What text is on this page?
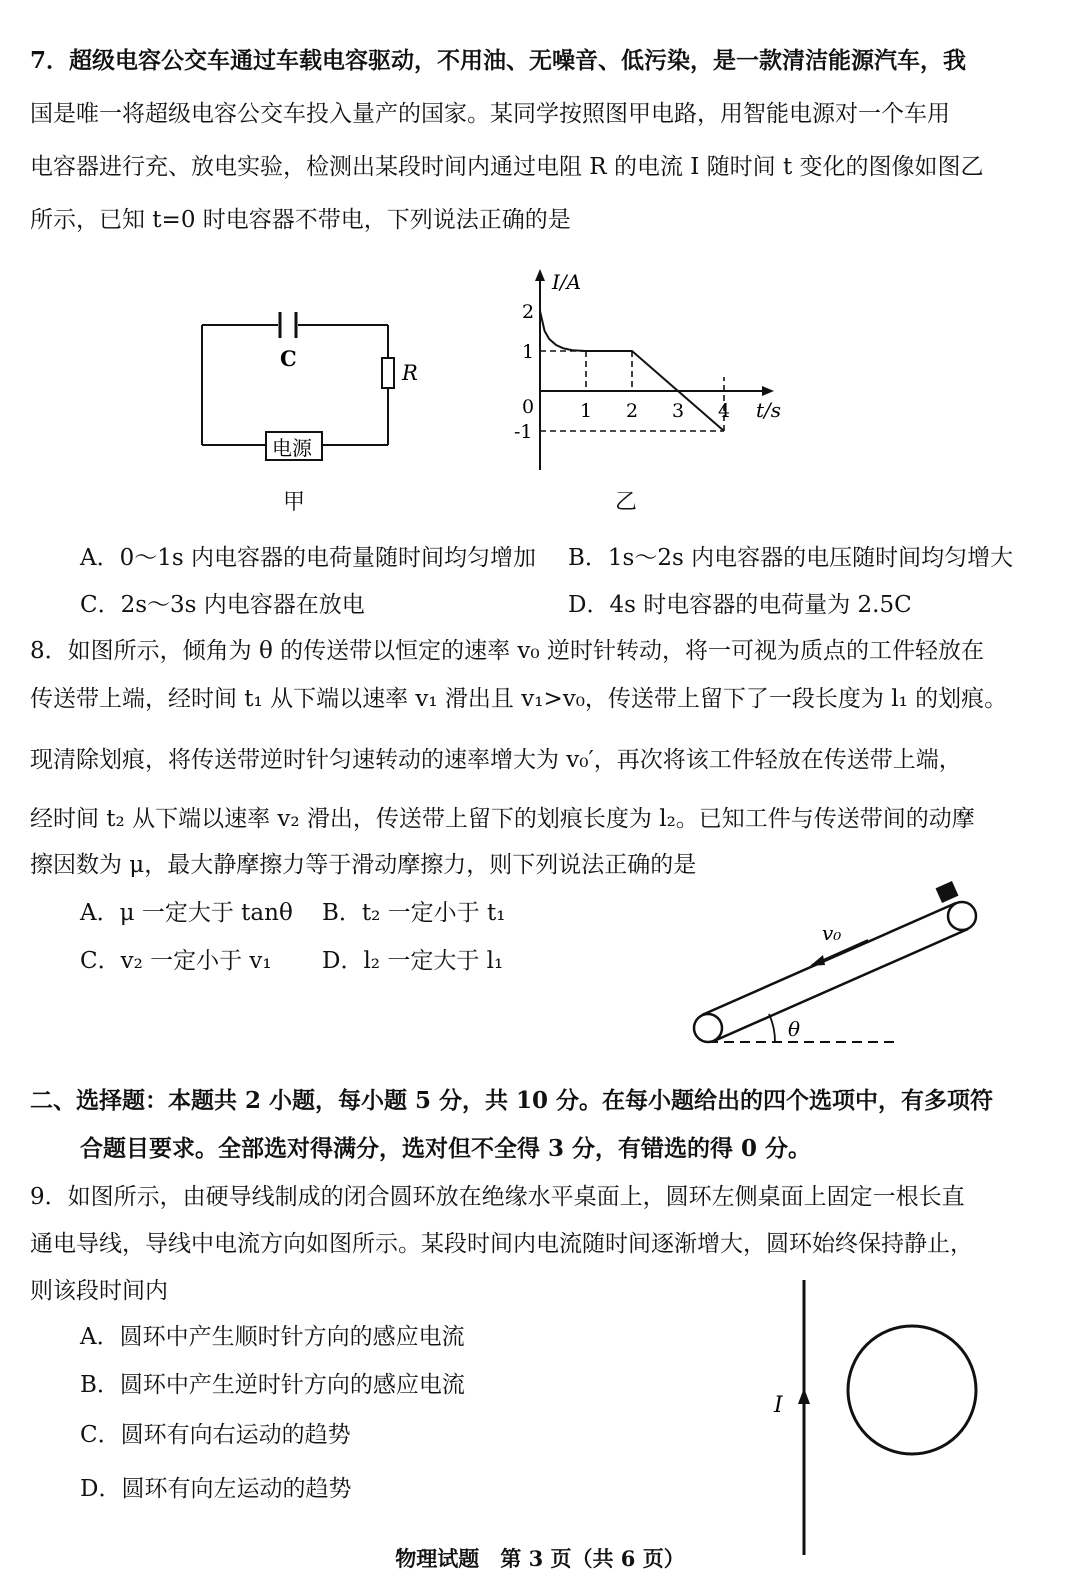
7．超级电容公交车通过车载电容驱动，不用油、无噪音、低污染，是一款清洁能源汽车，我
国是唯一将超级电容公交车投入量产的国家。某同学按照图甲电路，用智能电源对一个车用
电容器进行充、放电实验，检测出某段时间内通过电阻 R 的电流 I 随时间 t 变化的图像如图乙
所示，已知 t=0 时电容器不带电，下列说法正确的是
C
R
电源
甲
1 2 3 4
2
1
-1
I/A
t/s
0
乙
A．0～1s 内电容器的电荷量随时间均匀增加 B．1s～2s 内电容器的电压随时间均匀增大
C．2s～3s 内电容器在放电	D．4s 时电容器的电荷量为 2.5C
8．如图所示，倾角为 θ 的传送带以恒定的速率 v₀ 逆时针转动，将一可视为质点的工件轻放在
传送带上端，经时间 t₁ 从下端以速率 v₁ 滑出且 v₁>v₀，传送带上留下了一段长度为 l₁ 的划痕。
现清除划痕，将传送带逆时针匀速转动的速率增大为 v₀′，再次将该工件轻放在传送带上端，
经时间 t₂ 从下端以速率 v₂ 滑出，传送带上留下的划痕长度为 l₂。已知工件与传送带间的动摩
擦因数为 μ，最大静摩擦力等于滑动摩擦力，则下列说法正确的是
A．μ 一定大于 tanθ B．t₂ 一定小于 t₁
C．v₂ 一定小于 v₁ D．l₂ 一定大于 l₁
v₀
θ
二、选择题：本题共 2 小题，每小题 5 分，共 10 分。在每小题给出的四个选项中，有多项符
合题目要求。全部选对得满分，选对但不全得 3 分，有错选的得 0 分。
9．如图所示，由硬导线制成的闭合圆环放在绝缘水平桌面上，圆环左侧桌面上固定一根长直
通电导线，导线中电流方向如图所示。某段时间内电流随时间逐渐增大，圆环始终保持静止，
则该段时间内
A．圆环中产生顺时针方向的感应电流
B．圆环中产生逆时针方向的感应电流
C．圆环有向右运动的趋势
D．圆环有向左运动的趋势
I
物理试题　第 3 页（共 6 页）
